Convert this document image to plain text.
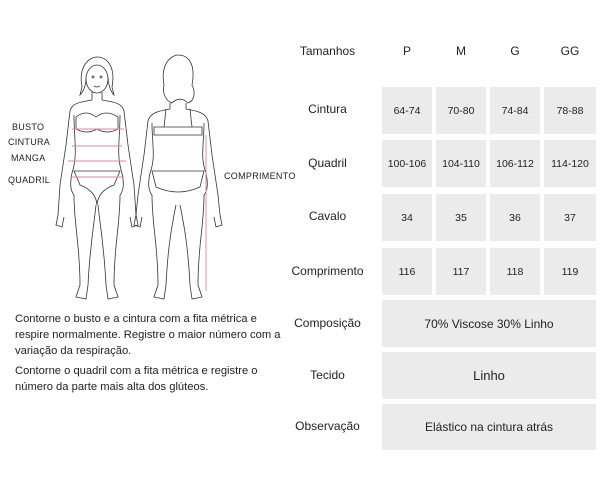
BUSTO
CINTURA
MANGA
QUADRIL	COMPRIMENTO

Contorne o busto e a cintura com a fita métrica e respire normalmente. Registre o maior número com a variação da respiração.

Contorne o quadril com a fita métrica e registre o número da parte mais alta dos glúteos.

Tamanhos	P	M	G	GG
Cintura	64-74	70-80	74-84	78-88
Quadril	100-106	104-110	106-112	114-120
Cavalo	34	35	36	37
Comprimento	116	117	118	119
Composição	70% Viscose 30% Linho
Tecido	Linho
Observação	Elástico na cintura atrás
